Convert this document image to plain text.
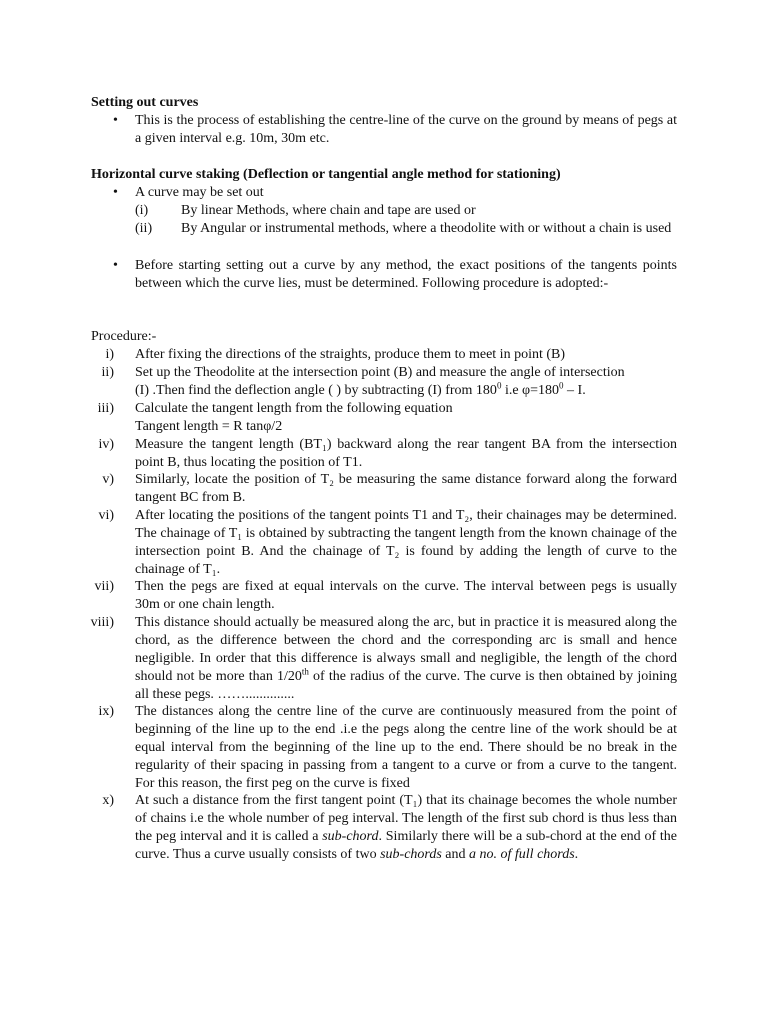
Setting out curves
• This is the process of establishing the centre-line of the curve on the ground by means of pegs at a given interval e.g. 10m, 30m etc.
Horizontal curve staking (Deflection or tangential angle method for stationing)
• A curve may be set out
(i) By linear Methods, where chain and tape are used or
(ii) By Angular or instrumental methods, where a theodolite with or without a chain is used
• Before starting setting out a curve by any method, the exact positions of the tangents points between which the curve lies, must be determined. Following procedure is adopted:-
Procedure:-
i) After fixing the directions of the straights, produce them to meet in point (B)
ii) Set up the Theodolite at the intersection point (B) and measure the angle of intersection
(I) .Then find the deflection angle ( ) by subtracting (I) from $180^0$ i.e $\varphi=180^0 - I$.
iii) Calculate the tangent length from the following equation
Tangent length = R tanφ/2
iv) Measure the tangent length (BT₁) backward along the rear tangent BA from the intersection point B, thus locating the position of T1.
v) Similarly, locate the position of T₂ be measuring the same distance forward along the forward tangent BC from B.
vi) After locating the positions of the tangent points T1 and T₂, their chainages may be determined. The chainage of T₁ is obtained by subtracting the tangent length from the known chainage of the intersection point B. And the chainage of T₂ is found by adding the length of curve to the chainage of T₁.
vii) Then the pegs are fixed at equal intervals on the curve. The interval between pegs is usually 30m or one chain length.
viii) This distance should actually be measured along the arc, but in practice it is measured along the chord, as the difference between the chord and the corresponding arc is small and hence negligible. In order that this difference is always small and negligible, the length of the chord should not be more than 1/20th of the radius of the curve. The curve is then obtained by joining all these pegs. ……..............
ix) The distances along the centre line of the curve are continuously measured from the point of beginning of the line up to the end .i.e the pegs along the centre line of the work should be at equal interval from the beginning of the line up to the end. There should be no break in the regularity of their spacing in passing from a tangent to a curve or from a curve to the tangent. For this reason, the first peg on the curve is fixed
x) At such a distance from the first tangent point (T₁) that its chainage becomes the whole number of chains i.e the whole number of peg interval. The length of the first sub chord is thus less than the peg interval and it is called a sub-chord. Similarly there will be a sub-chord at the end of the curve. Thus a curve usually consists of two sub-chords and a no. of full chords.
